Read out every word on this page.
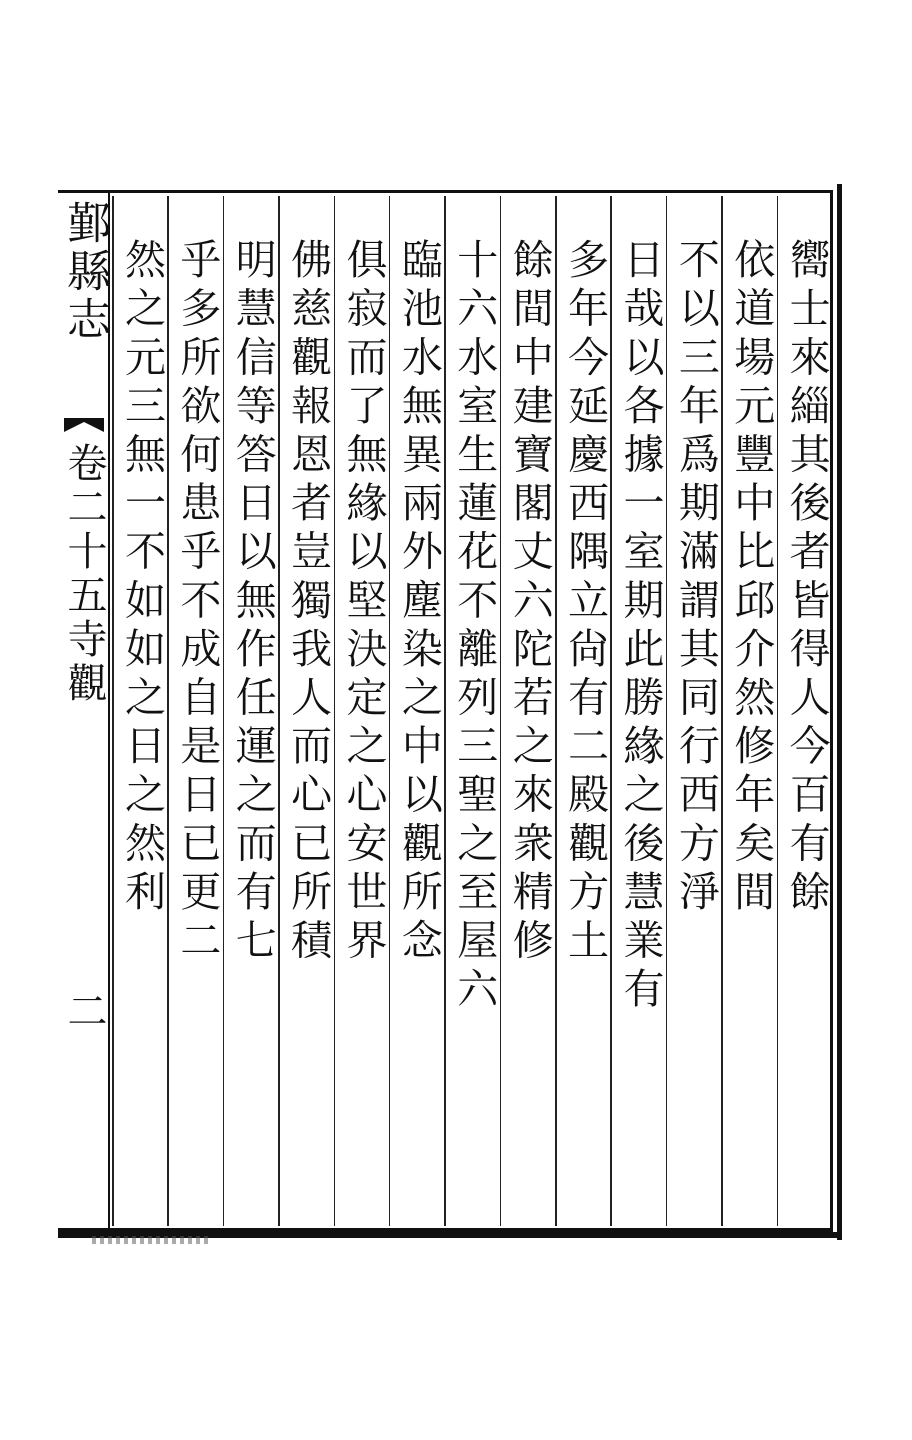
鄞縣志
卷二十五寺觀
二
嚮士來緇其後者皆得人今百有餘
依道場元豐中比邱介然修年矣間
不以三年爲期滿謂其同行西方淨
日哉以各據一室期此勝緣之後慧業有
多年今延慶西隅立尙有二殿觀方土
餘間中建寶閣丈六陀若之來衆精修
十六水室生蓮花不離列三聖之至屋六
臨池水無異兩外塵染之中以觀所念
俱寂而了無緣以堅決定之心安世界
佛慈觀報恩者豈獨我人而心已所積
明慧信等答日以無作任運之而有七
乎多所欲何患乎不成自是日已更二
然之元三無一不如如之日之然利
